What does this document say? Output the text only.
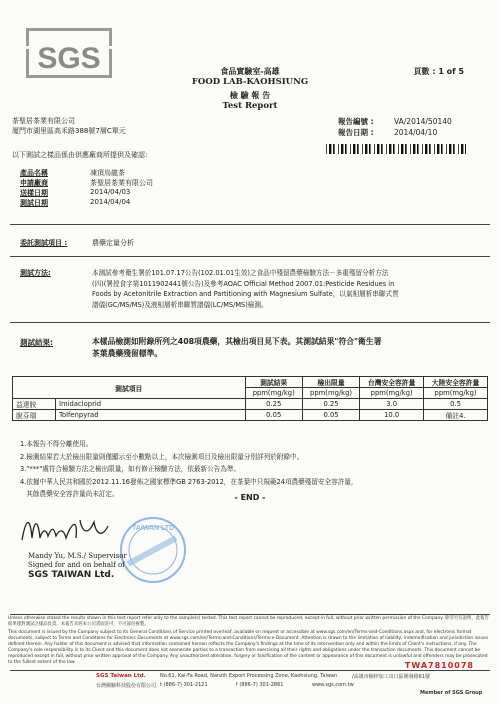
SGS	食品實驗室-高雄
FOOD LAB-KAOHSIUNG
檢 驗 報 告
Test Report
頁數 : 1 of 5
茶聖居茶業有限公司
厦門市湖里區高禾路388號7層C單元
報告編號 :	VA/2014/50140
報告日期 :	2014/04/10
以下測試之樣品係由供應廠商所提供及確認:
產品名稱	凍頂烏龍茶
申請廠商	茶聖居茶業有限公司
送樣日期	2014/04/03
測試日期	2014/04/04
委託測試項目 :	農藥定量分析
測試方法:	本測試參考衛生署於101.07.17公告(102.01.01生效)之食品中殘留農藥檢驗方法－多重殘留分析方法
(四)(署授食字第1011902441號公告)及參考AOAC Official Method 2007.01:Pesticide Residues in
Foods by Acetonitrile Extraction and Partitioning with Magnesium Sulfate，以氣相層析串聯式質
譜儀(GC/MS/MS)及液相層析串聯質譜儀(LC/MS/MS)檢測。
測試結果:	本樣品檢測如附錄所列之408項農藥，其檢出項目見下表。其測試結果"符合"衛生署
茶葉農藥殘留標準。
測試項目		測試結果	檢出限量	台灣安全容許量	大陸安全容許量
		ppm(mg/kg)	ppm(mg/kg)	ppm(mg/kg)	ppm(mg/kg)
益達胺	Imidacloprid	0.25	0.25	3.0	0.5
脫芬瑞	Tolfenpyrad	0.05	0.05	10.0	備註4.
1.本報告不得分離使用。
2.檢測結果若大於檢出限量則僅顯示至小數點以上，本次檢測項目及檢出限量分別詳列於附錄中。
3."***"處符合檢驗方法之檢出限量，如有修正檢驗方法，依最新公告為準。
4.依據中華人民共和國於2012.11.16發佈之國家標準GB 2763-2012，在茶葉中只規範24項農藥殘留安全容許量，
其餘農藥安全容許量尚未訂定。	- END -
TAIWAN LTD
Mandy Yu, M.S./ Supervisor
Signed for and on behalf of
SGS TAIWAN Ltd.
Unless otherwise stated the results shown in this test report refer only to the sample(s) tested. This test report cannot be reproduced, except in full, without prior written permission of the Company. 除非另有說明，此報告結果僅對測試之樣品負責。本報告未經本公司書面許可，不可部份複製。
This document is issued by the Company subject to its General Conditions of Service printed overleaf, available on request or accessible at www.sgs.com/en/Terms-and-Conditions.aspx and, for electronic format documents, subject to Terms and Conditions for Electronic Documents at www.sgs.com/en/Terms-and-Conditions/Terms-e-Document. Attention is drawn to the limitation of liability, indemnification and jurisdiction issues defined therein. Any holder of this document is advised that information contained hereon reflects the Company's findings at the time of its intervention only and within the limits of Client's instructions, if any. The Company's sole responsibility is to its Client and this document does not exonerate parties to a transaction from exercising all their rights and obligations under the transaction documents. This document cannot be reproduced except in full, without prior written approval of the Company. Any unauthorized alteration, forgery or falsification of the content or appearance of this document is unlawful and offenders may be prosecuted to the fullest extent of the law.	TWA7810078
SGS Taiwan Ltd.
台灣檢驗科技股份有限公司
No.61, Kai-Fa Road, Nanzih Export Processing Zone, Kaohsiung, Taiwan	/高雄市楠梓加工出口區開發路61號
t (886-7) 301-2121	f (886-7) 301-2861	www.sgs.com.tw
Member of SGS Group
